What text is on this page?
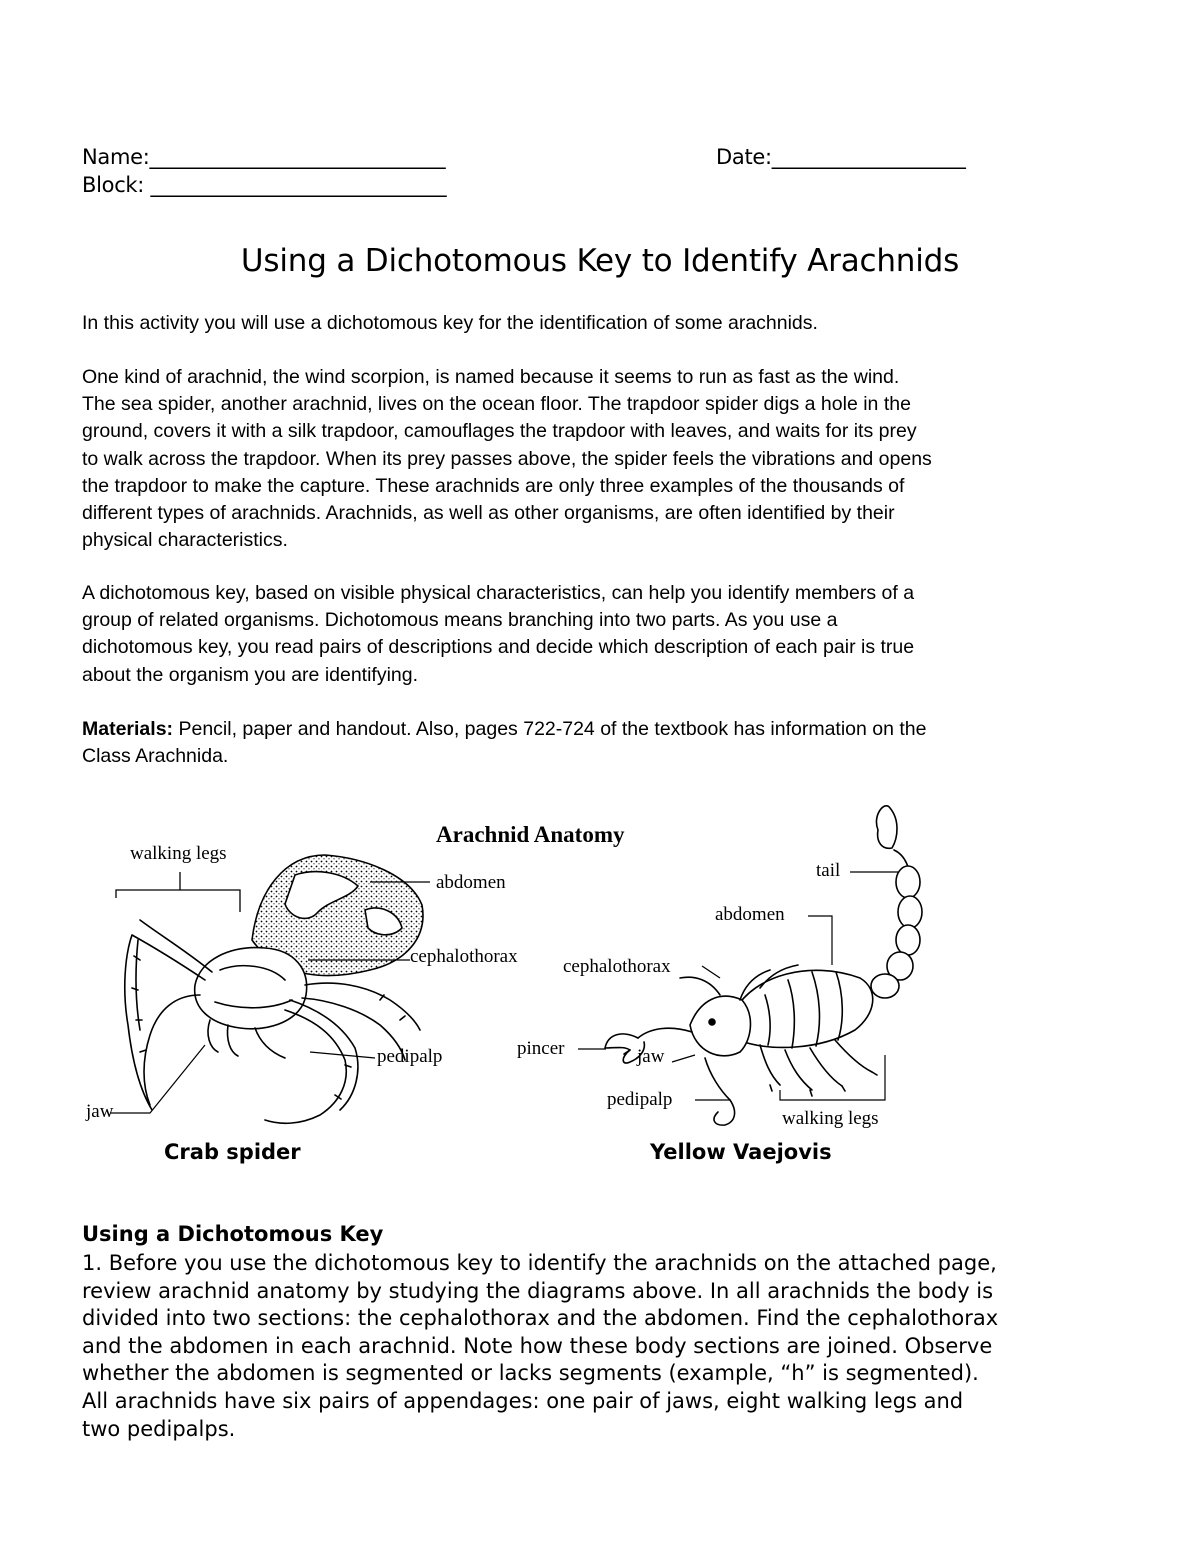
Name:_____________________________	Date:___________________
Block: _____________________________
Using a Dichotomous Key to Identify Arachnids
In this activity you will use a dichotomous key for the identification of some arachnids.
One kind of arachnid, the wind scorpion, is named because it seems to run as fast as the wind.
The sea spider, another arachnid, lives on the ocean floor. The trapdoor spider digs a hole in the
ground, covers it with a silk trapdoor, camouflages the trapdoor with leaves, and waits for its prey
to walk across the trapdoor. When its prey passes above, the spider feels the vibrations and opens
the trapdoor to make the capture. These arachnids are only three examples of the thousands of
different types of arachnids. Arachnids, as well as other organisms, are often identified by their
physical characteristics.
A dichotomous key, based on visible physical characteristics, can help you identify members of a
group of related organisms. Dichotomous means branching into two parts. As you use a
dichotomous key, you read pairs of descriptions and decide which description of each pair is true
about the organism you are identifying.
Materials: Pencil, paper and handout. Also, pages 722-724 of the textbook has information on the
Class Arachnida.
Arachnid Anatomy
walking legs
abdomen
cephalothorax
pedipalp
jaw
tail
abdomen
cephalothorax
pincer	jaw
pedipalp
walking legs
Crab spider	Yellow Vaejovis
Using a Dichotomous Key
1. Before you use the dichotomous key to identify the arachnids on the attached page,
review arachnid anatomy by studying the diagrams above. In all arachnids the body is
divided into two sections: the cephalothorax and the abdomen. Find the cephalothorax
and the abdomen in each arachnid. Note how these body sections are joined. Observe
whether the abdomen is segmented or lacks segments (example, “h” is segmented).
All arachnids have six pairs of appendages: one pair of jaws, eight walking legs and
two pedipalps.
